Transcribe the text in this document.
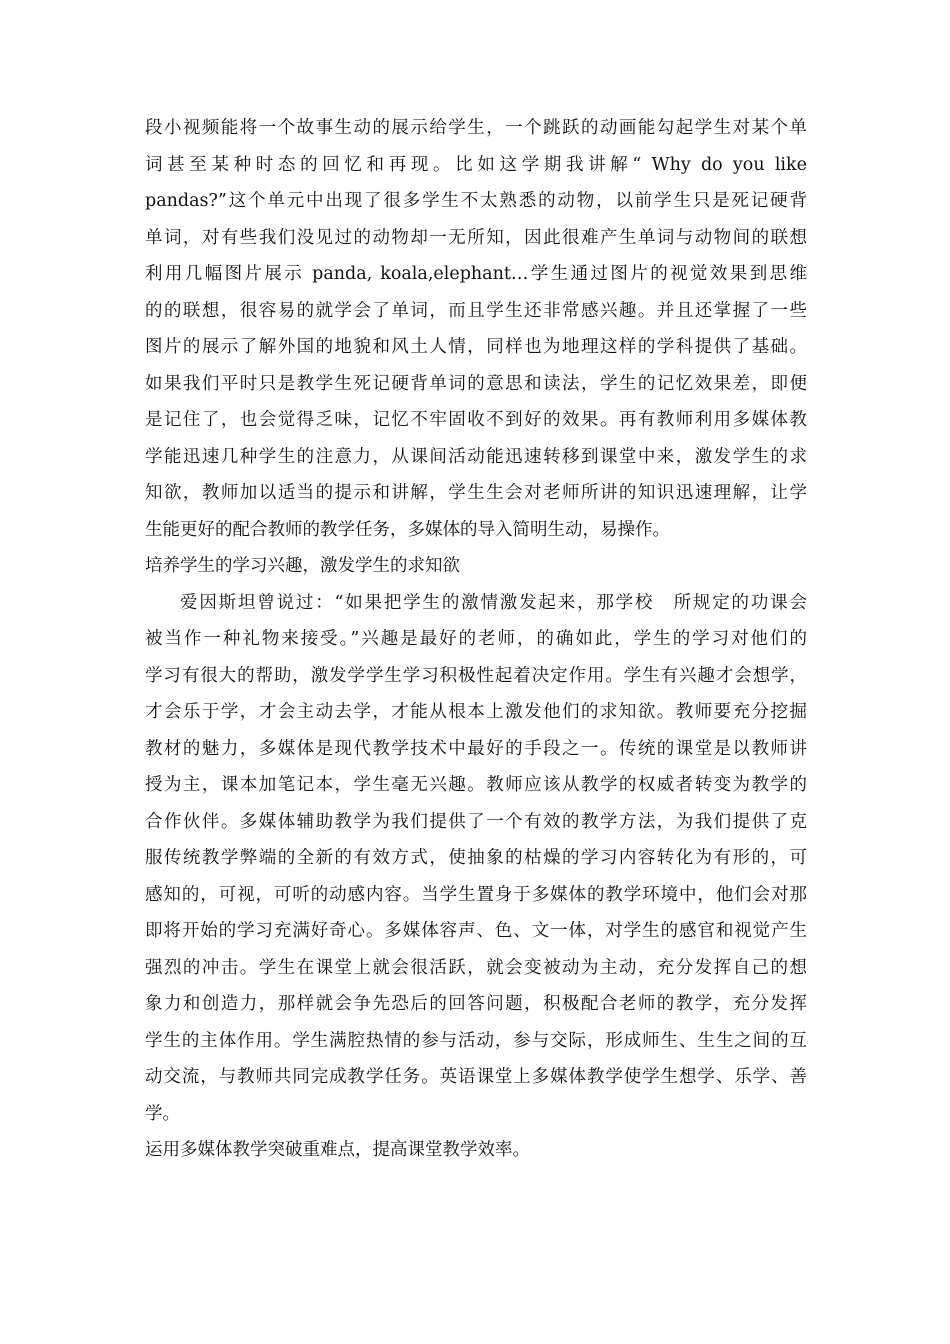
段小视频能将一个故事生动的展示给学生，一个跳跃的动画能勾起学生对某个单
词甚至某种时态的回忆和再现。比如这学期我讲解“ Why do you like
pandas?”这个单元中出现了很多学生不太熟悉的动物，以前学生只是死记硬背
单词，对有些我们没见过的动物却一无所知，因此很难产生单词与动物间的联想
利用几幅图片展示 panda, koala,elephant…学生通过图片的视觉效果到思维
的的联想，很容易的就学会了单词，而且学生还非常感兴趣。并且还掌握了一些
图片的展示了解外国的地貌和风土人情，同样也为地理这样的学科提供了基础。
如果我们平时只是教学生死记硬背单词的意思和读法，学生的记忆效果差，即便
是记住了，也会觉得乏味，记忆不牢固收不到好的效果。再有教师利用多媒体教
学能迅速几种学生的注意力，从课间活动能迅速转移到课堂中来，激发学生的求
知欲，教师加以适当的提示和讲解，学生生会对老师所讲的知识迅速理解，让学
生能更好的配合教师的教学任务，多媒体的导入简明生动，易操作。
培养学生的学习兴趣，激发学生的求知欲
爱因斯坦曾说过：“如果把学生的激情激发起来，那学校　所规定的功课会
被当作一种礼物来接受。”兴趣是最好的老师，的确如此，学生的学习对他们的
学习有很大的帮助，激发学学生学习积极性起着决定作用。学生有兴趣才会想学，
才会乐于学，才会主动去学，才能从根本上激发他们的求知欲。教师要充分挖掘
教材的魅力，多媒体是现代教学技术中最好的手段之一。传统的课堂是以教师讲
授为主，课本加笔记本，学生毫无兴趣。教师应该从教学的权威者转变为教学的
合作伙伴。多媒体辅助教学为我们提供了一个有效的教学方法，为我们提供了克
服传统教学弊端的全新的有效方式，使抽象的枯燥的学习内容转化为有形的，可
感知的，可视，可听的动感内容。当学生置身于多媒体的教学环境中，他们会对那
即将开始的学习充满好奇心。多媒体容声、色、文一体，对学生的感官和视觉产生
强烈的冲击。学生在课堂上就会很活跃，就会变被动为主动，充分发挥自己的想
象力和创造力，那样就会争先恐后的回答问题，积极配合老师的教学，充分发挥
学生的主体作用。学生满腔热情的参与活动，参与交际，形成师生、生生之间的互
动交流，与教师共同完成教学任务。英语课堂上多媒体教学使学生想学、乐学、善
学。
运用多媒体教学突破重难点，提高课堂教学效率。
